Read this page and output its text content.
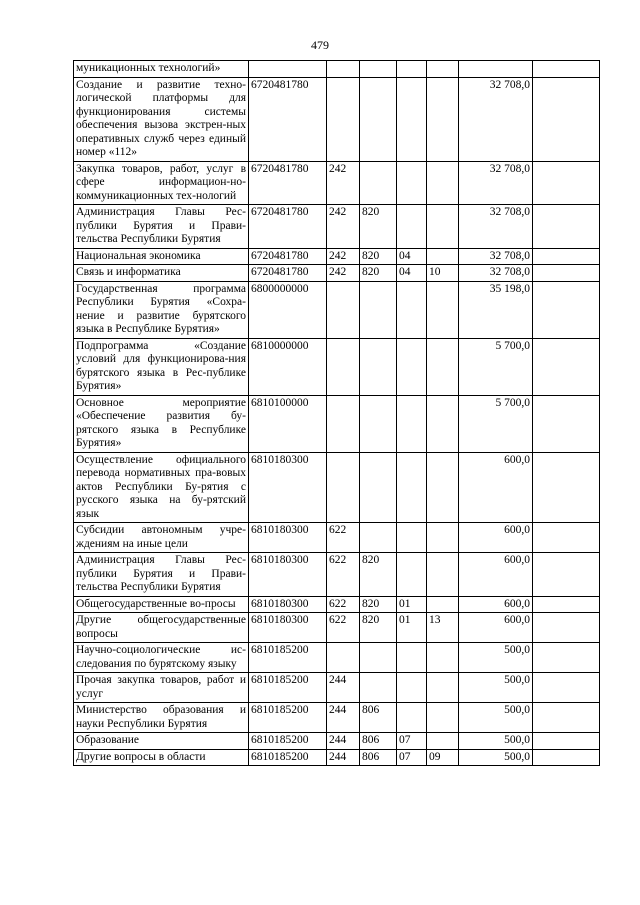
479
муникационных технологий»							
Создание и развитие техно-логической платформы для функционирования системы обеспечения вызова экстрен-ных оперативных служб через единый номер «112»	6720481780					32 708,0	
Закупка товаров, работ, услуг в сфере информацион-но-коммуникационных тех-нологий	6720481780	242				32 708,0	
Администрация Главы Рес-публики Бурятия и Прави-тельства Республики Бурятия	6720481780	242	820			32 708,0	
Национальная экономика	6720481780	242	820	04		32 708,0	
Связь и информатика	6720481780	242	820	04	10	32 708,0	
Государственная программа Республики Бурятия «Сохра-нение и развитие бурятского языка в Республике Бурятия»	6800000000					35 198,0	
Подпрограмма «Создание условий для функционирова-ния бурятского языка в Рес-публике Бурятия»	6810000000					5 700,0	
Основное мероприятие «Обеспечение развития бу-рятского языка в Республике Бурятия»	6810100000					5 700,0	
Осуществление официального перевода нормативных пра-вовых актов Республики Бу-рятия с русского языка на бу-рятский язык	6810180300					600,0	
Субсидии автономным учре-ждениям на иные цели	6810180300	622				600,0	
Администрация Главы Рес-публики Бурятия и Прави-тельства Республики Бурятия	6810180300	622	820			600,0	
Общегосударственные во-просы	6810180300	622	820	01		600,0	
Другие общегосударственные вопросы	6810180300	622	820	01	13	600,0	
Научно-социологические ис-следования по бурятскому языку	6810185200					500,0	
Прочая закупка товаров, работ и услуг	6810185200	244				500,0	
Министерство образования и науки Республики Бурятия	6810185200	244	806			500,0	
Образование	6810185200	244	806	07		500,0	
Другие вопросы в области	6810185200	244	806	07	09	500,0	
